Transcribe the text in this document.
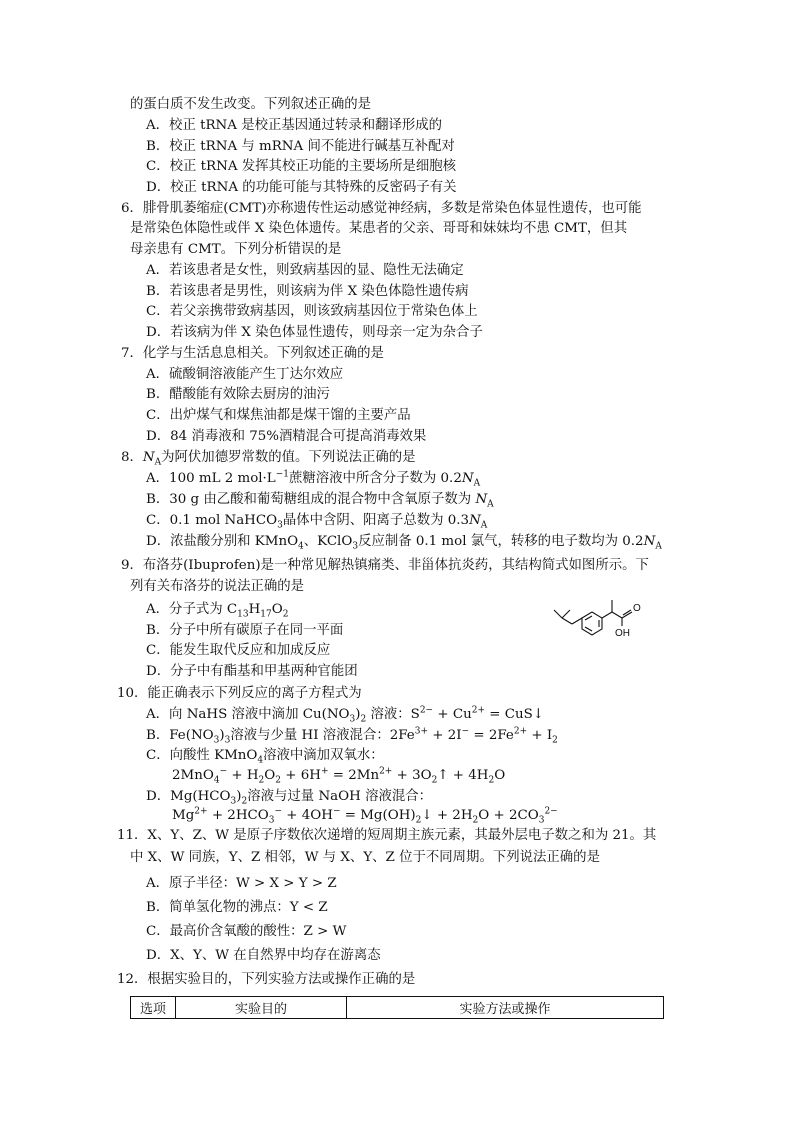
的蛋白质不发生改变。下列叙述正确的是
A．校正 tRNA 是校正基因通过转录和翻译形成的
B．校正 tRNA 与 mRNA 间不能进行碱基互补配对
C．校正 tRNA 发挥其校正功能的主要场所是细胞核
D．校正 tRNA 的功能可能与其特殊的反密码子有关
6．腓骨肌萎缩症(CMT)亦称遗传性运动感觉神经病，多数是常染色体显性遗传，也可能
是常染色体隐性或伴 X 染色体遗传。某患者的父亲、哥哥和妹妹均不患 CMT，但其
母亲患有 CMT。下列分析错误的是
A．若该患者是女性，则致病基因的显、隐性无法确定
B．若该患者是男性，则该病为伴 X 染色体隐性遗传病
C．若父亲携带致病基因，则该致病基因位于常染色体上
D．若该病为伴 X 染色体显性遗传，则母亲一定为杂合子
7．化学与生活息息相关。下列叙述正确的是
A．硫酸铜溶液能产生丁达尔效应
B．醋酸能有效除去厨房的油污
C．出炉煤气和煤焦油都是煤干馏的主要产品
D．84 消毒液和 75%酒精混合可提高消毒效果
8．$N_A$为阿伏加德罗常数的值。下列说法正确的是
A．100 mL 2 $mol\cdot L^{-1}$蔗糖溶液中所含分子数为 $0.2N_A$
B．30 g 由乙酸和葡萄糖组成的混合物中含氧原子数为 $N_A$
C．0.1 mol NaHCO$_3$晶体中含阴、阳离子总数为 $0.3N_A$
D．浓盐酸分别和 KMnO$_4$、KClO$_3$反应制备 0.1 mol 氯气，转移的电子数均为 $0.2N_A$
9．布洛芬(Ibuprofen)是一种常见解热镇痛类、非甾体抗炎药，其结构简式如图所示。下
列有关布洛芬的说法正确的是
A．分子式为 $C_{13}H_{17}O_2$
B．分子中所有碳原子在同一平面
C．能发生取代反应和加成反应
D．分子中有酯基和甲基两种官能团
O
OH
10．能正确表示下列反应的离子方程式为
A．向 NaHS 溶液中滴加 $Cu(NO_3)_2$ 溶液：$S^{2-} + Cu^{2+}$ = CuS↓
B．$Fe(NO_3)_3$溶液与少量 HI 溶液混合：$2Fe^{3+} + 2I^- = 2Fe^{2+} + I_2$
C．向酸性 KMnO$_4$溶液中滴加双氧水：
$2MnO_4^- + H_2O_2 + 6H^+ = 2Mn^{2+}$ + $3O_2↑ + 4H_2O$
D．$Mg(HCO_3)_2$溶液与过量 NaOH 溶液混合：
$Mg^{2+} + 2HCO_3^- + 4OH^-$ = $Mg(OH)_2↓ + 2H_2O + 2CO_3^{2-}$
11．X、Y、Z、W 是原子序数依次递增的短周期主族元素，其最外层电子数之和为 21。其
中 X、W 同族，Y、Z 相邻，W 与 X、Y、Z 位于不同周期。下列说法正确的是
A．原子半径：W > X > Y > Z
B．简单氢化物的沸点：Y < Z
C．最高价含氧酸的酸性：Z > W
D．X、Y、W 在自然界中均存在游离态
12．根据实验目的，下列实验方法或操作正确的是
选项	实验目的	实验方法或操作
